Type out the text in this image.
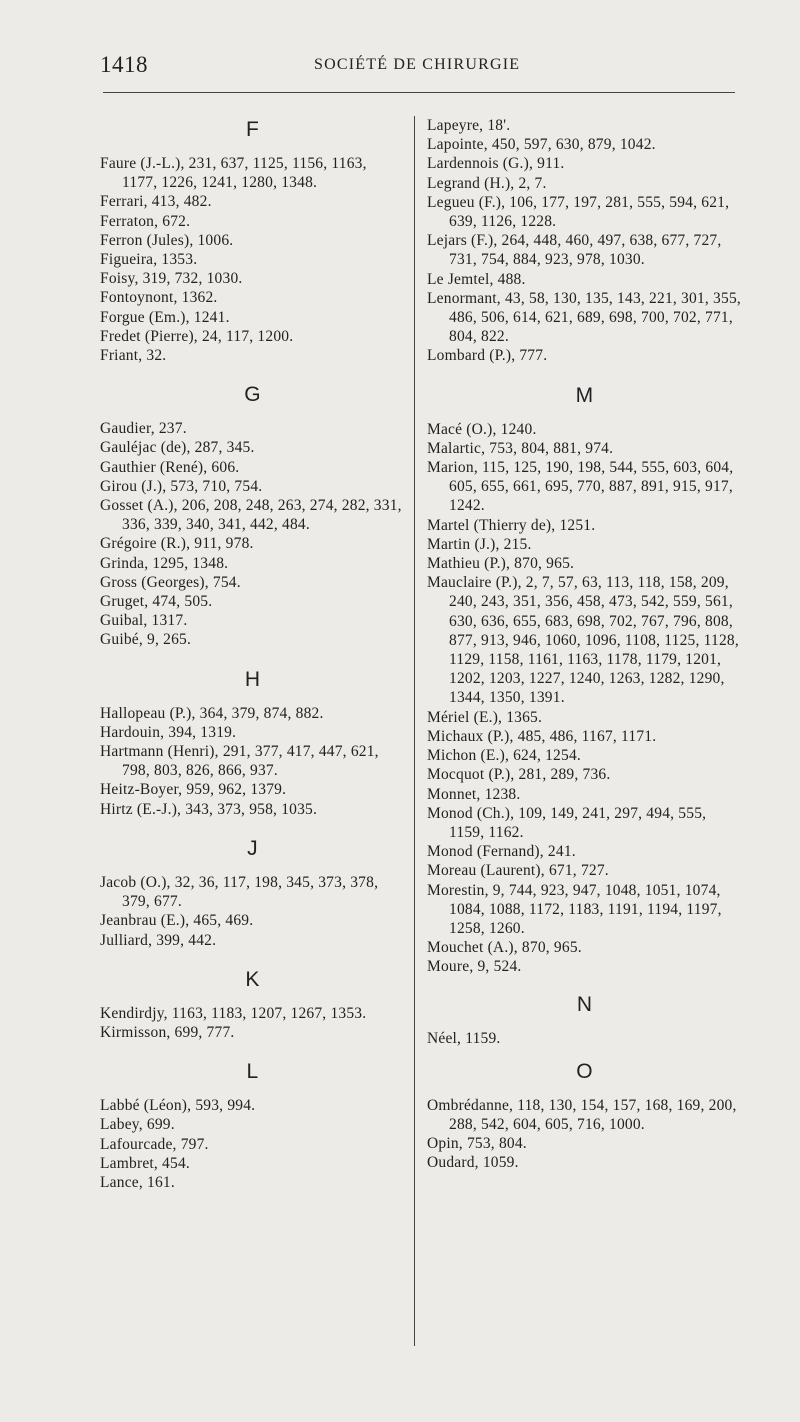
1418	SOCIÉTÉ DE CHIRURGIE
F
Faure (J.-L.), 231, 637, 1125, 1156, 1163, 1177, 1226, 1241, 1280, 1348.
Ferrari, 413, 482.
Ferraton, 672.
Ferron (Jules), 1006.
Figueira, 1353.
Foisy, 319, 732, 1030.
Fontoynont, 1362.
Forgue (Em.), 1241.
Fredet (Pierre), 24, 117, 1200.
Friant, 32.
G
Gaudier, 237.
Gauléjac (de), 287, 345.
Gauthier (René), 606.
Girou (J.), 573, 710, 754.
Gosset (A.), 206, 208, 248, 263, 274, 282, 331, 336, 339, 340, 341, 442, 484.
Grégoire (R.), 911, 978.
Grinda, 1295, 1348.
Gross (Georges), 754.
Gruget, 474, 505.
Guibal, 1317.
Guibé, 9, 265.
H
Hallopeau (P.), 364, 379, 874, 882.
Hardouin, 394, 1319.
Hartmann (Henri), 291, 377, 417, 447, 621, 798, 803, 826, 866, 937.
Heitz-Boyer, 959, 962, 1379.
Hirtz (E.-J.), 343, 373, 958, 1035.
J
Jacob (O.), 32, 36, 117, 198, 345, 373, 378, 379, 677.
Jeanbrau (E.), 465, 469.
Julliard, 399, 442.
K
Kendirdjy, 1163, 1183, 1207, 1267, 1353.
Kirmisson, 699, 777.
L
Labbé (Léon), 593, 994.
Labey, 699.
Lafourcade, 797.
Lambret, 454.
Lance, 161.
Lapeyre, 18'.
Lapointe, 450, 597, 630, 879, 1042.
Lardennois (G.), 911.
Legrand (H.), 2, 7.
Legueu (F.), 106, 177, 197, 281, 555, 594, 621, 639, 1126, 1228.
Lejars (F.), 264, 448, 460, 497, 638, 677, 727, 731, 754, 884, 923, 978, 1030.
Le Jemtel, 488.
Lenormant, 43, 58, 130, 135, 143, 221, 301, 355, 486, 506, 614, 621, 689, 698, 700, 702, 771, 804, 822.
Lombard (P.), 777.
M
Macé (O.), 1240.
Malartic, 753, 804, 881, 974.
Marion, 115, 125, 190, 198, 544, 555, 603, 604, 605, 655, 661, 695, 770, 887, 891, 915, 917, 1242.
Martel (Thierry de), 1251.
Martin (J.), 215.
Mathieu (P.), 870, 965.
Mauclaire (P.), 2, 7, 57, 63, 113, 118, 158, 209, 240, 243, 351, 356, 458, 473, 542, 559, 561, 630, 636, 655, 683, 698, 702, 767, 796, 808, 877, 913, 946, 1060, 1096, 1108, 1125, 1128, 1129, 1158, 1161, 1163, 1178, 1179, 1201, 1202, 1203, 1227, 1240, 1263, 1282, 1290, 1344, 1350, 1391.
Mériel (E.), 1365.
Michaux (P.), 485, 486, 1167, 1171.
Michon (E.), 624, 1254.
Mocquot (P.), 281, 289, 736.
Monnet, 1238.
Monod (Ch.), 109, 149, 241, 297, 494, 555, 1159, 1162.
Monod (Fernand), 241.
Moreau (Laurent), 671, 727.
Morestin, 9, 744, 923, 947, 1048, 1051, 1074, 1084, 1088, 1172, 1183, 1191, 1194, 1197, 1258, 1260.
Mouchet (A.), 870, 965.
Moure, 9, 524.
N
Néel, 1159.
O
Ombrédanne, 118, 130, 154, 157, 168, 169, 200, 288, 542, 604, 605, 716, 1000.
Opin, 753, 804.
Oudard, 1059.
